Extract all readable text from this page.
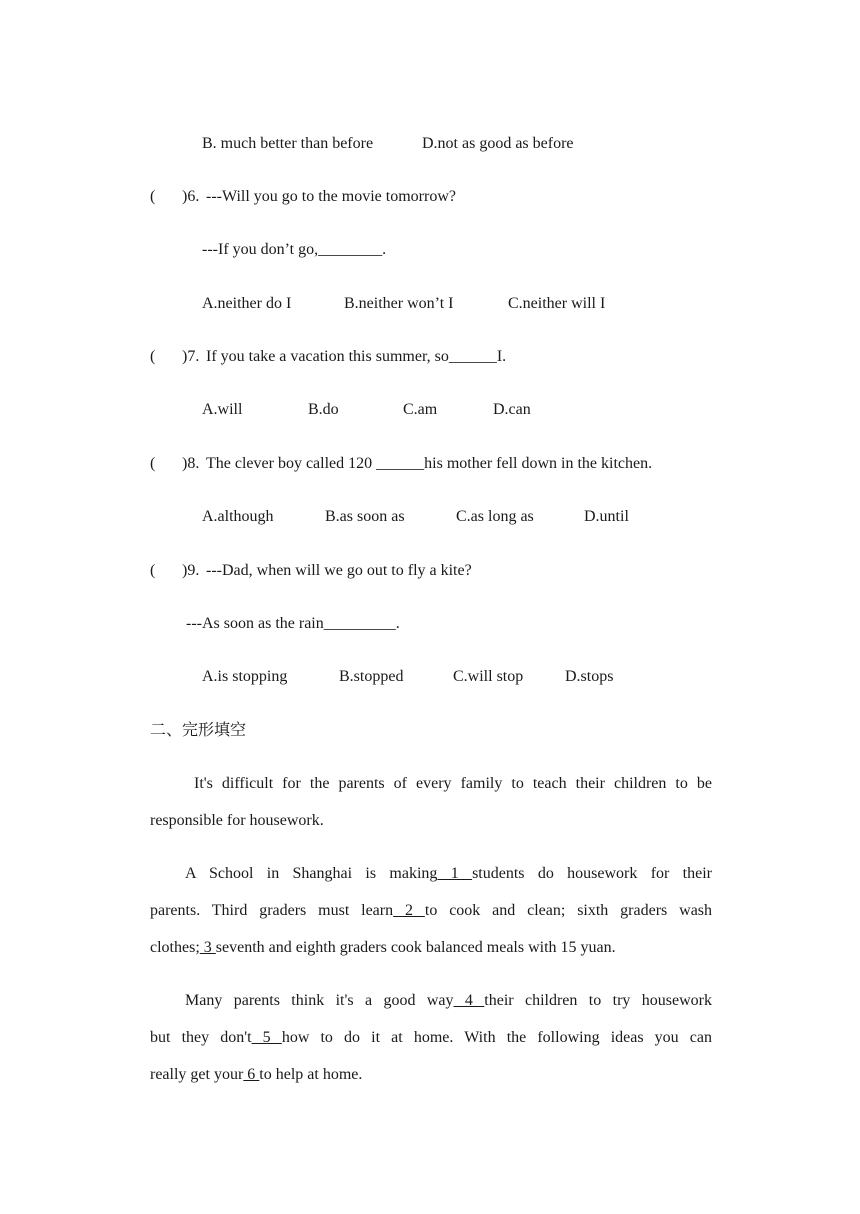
B. much better than before	D.not as good as before
( )6. ---Will you go to the movie tomorrow?
---If you don’t go,________.
A.neither do I	B.neither won’t I	C.neither will I
( )7. If you take a vacation this summer, so______I.
A.will	B.do	C.am	D.can
( )8. The clever boy called 120 ______his mother fell down in the kitchen.
A.although	B.as soon as	C.as long as	D.until
( )9. ---Dad, when will we go out to fly a kite?
---As soon as the rain_________.
A.is stopping	B.stopped	C.will stop	D.stops
二、完形填空
It's difficult for the parents of every family to teach their children to be
responsible for housework.
A School in Shanghai is making 1 students do housework for their
parents. Third graders must learn 2 to cook and clean; sixth graders wash
clothes; 3 seventh and eighth graders cook balanced meals with 15 yuan.
Many parents think it's a good way 4 their children to try housework
but they don't 5 how to do it at home. With the following ideas you can
really get your 6 to help at home.
